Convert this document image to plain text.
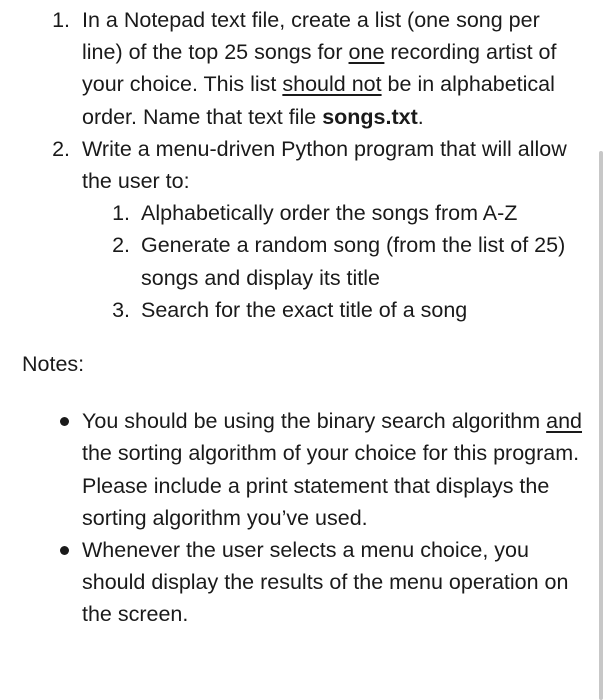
1. In a Notepad text file, create a list (one song per line) of the top 25 songs for one recording artist of your choice. This list should not be in alphabetical order. Name that text file songs.txt.
2. Write a menu-driven Python program that will allow the user to:
1. Alphabetically order the songs from A-Z
2. Generate a random song (from the list of 25) songs and display its title
3. Search for the exact title of a song
Notes:
You should be using the binary search algorithm and the sorting algorithm of your choice for this program. Please include a print statement that displays the sorting algorithm you’ve used.
Whenever the user selects a menu choice, you should display the results of the menu operation on the screen.
